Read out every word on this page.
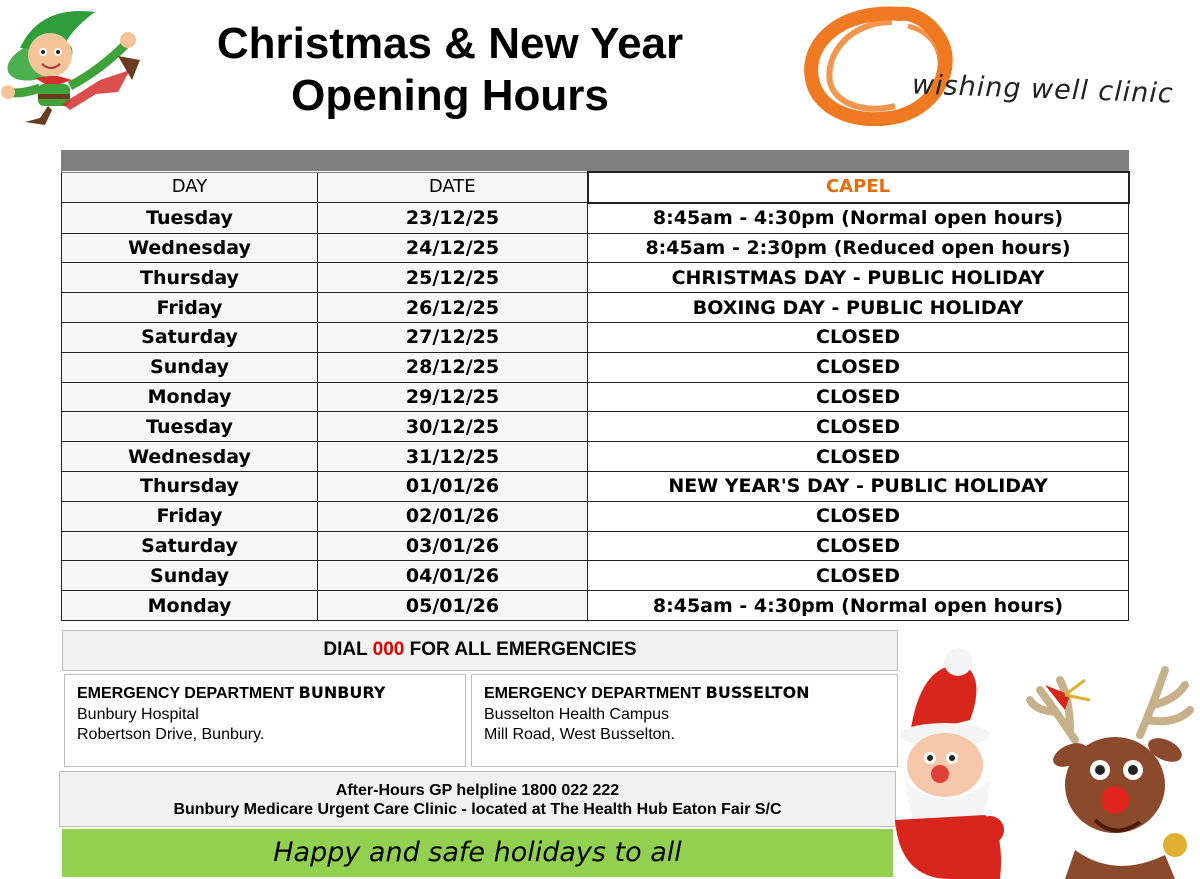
Christmas & New Year
Opening Hours	wishing well clinic

DAY	DATE	CAPEL
Tuesday	23/12/25	8:45am - 4:30pm (Normal open hours)
Wednesday	24/12/25	8:45am - 2:30pm (Reduced open hours)
Thursday	25/12/25	CHRISTMAS DAY - PUBLIC HOLIDAY
Friday	26/12/25	BOXING DAY - PUBLIC HOLIDAY
Saturday	27/12/25	CLOSED
Sunday	28/12/25	CLOSED
Monday	29/12/25	CLOSED
Tuesday	30/12/25	CLOSED
Wednesday	31/12/25	CLOSED
Thursday	01/01/26	NEW YEAR'S DAY - PUBLIC HOLIDAY
Friday	02/01/26	CLOSED
Saturday	03/01/26	CLOSED
Sunday	04/01/26	CLOSED
Monday	05/01/26	8:45am - 4:30pm (Normal open hours)
DIAL 000 FOR ALL EMERGENCIES
EMERGENCY DEPARTMENT BUNBURY
Bunbury Hospital
Robertson Drive, Bunbury.
EMERGENCY DEPARTMENT BUSSELTON
Busselton Health Campus
Mill Road, West Busselton.
After-Hours GP helpline 1800 022 222
Bunbury Medicare Urgent Care Clinic - located at The Health Hub Eaton Fair S/C
Happy and safe holidays to all
